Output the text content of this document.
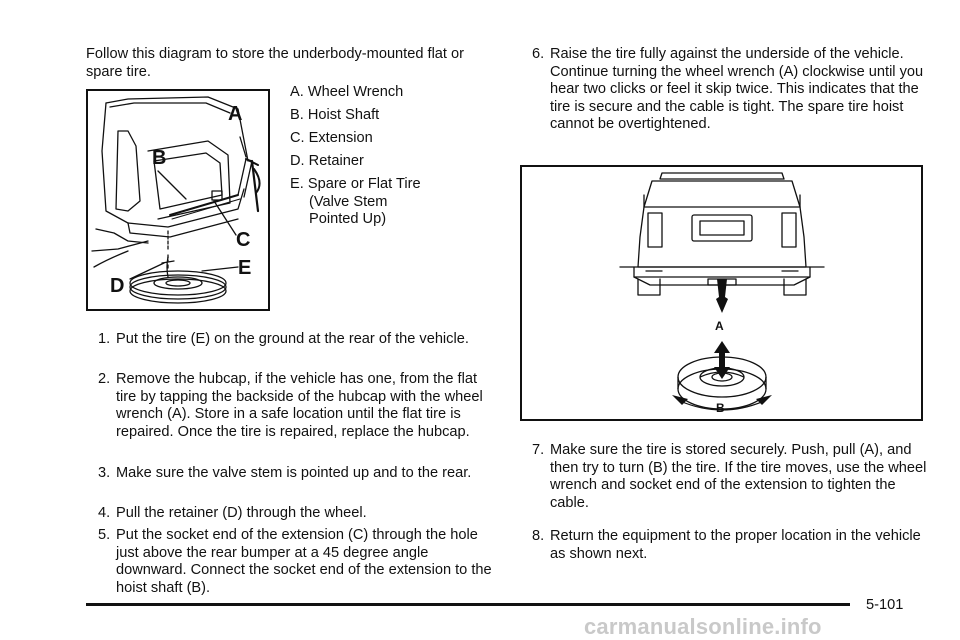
Follow this diagram to store the underbody-mounted flat or spare tire.

A
B
C
E
D
A. Wheel Wrench
B. Hoist Shaft
C. Extension
D. Retainer
E. Spare or Flat Tire
(Valve Stem
Pointed Up)

1. Put the tire (E) on the ground at the rear of the vehicle.

2. Remove the hubcap, if the vehicle has one, from the flat tire by tapping the backside of the hubcap with the wheel wrench (A). Store in a safe location until the flat tire is repaired. Once the tire is repaired, replace the hubcap.

3. Make sure the valve stem is pointed up and to the rear.

4. Pull the retainer (D) through the wheel.

5. Put the socket end of the extension (C) through the hole just above the rear bumper at a 45 degree angle downward. Connect the socket end of the extension to the hoist shaft (B).

6. Raise the tire fully against the underside of the vehicle. Continue turning the wheel wrench (A) clockwise until you hear two clicks or feel it skip twice. This indicates that the tire is secure and the cable is tight. The spare tire hoist cannot be overtightened.

A
B

7. Make sure the tire is stored securely. Push, pull (A), and then try to turn (B) the tire. If the tire moves, use the wheel wrench and socket end of the extension to tighten the cable.

8. Return the equipment to the proper location in the vehicle as shown next.

5-101
carmanualsonline.info
